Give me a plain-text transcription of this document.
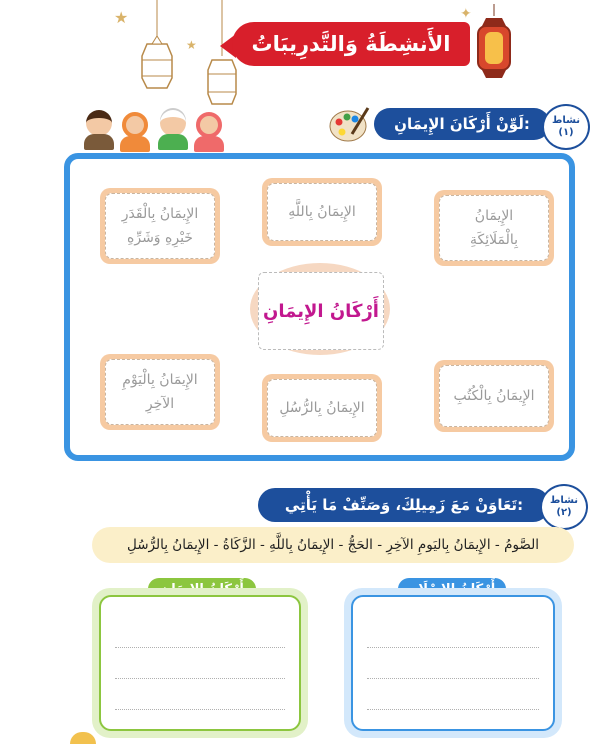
★
★
✦
الأَنشِطَةُ وَالتَّدرِيبَاتُ
لَوِّنْ أَرْكَانَ الإِيمَانِ:	نشاط
(١)
الإِيمَانُ بِالْقَدَرِ
خَيْرِهِ وَشَرِّهِ
الإِيمَانُ بِاللَّهِ	الإِيمَانُ
بِالْمَلَائِكَةِ
أَرْكَانُ الإِيمَانِ
الإِيمَانُ بِالْيَوْمِ
الآخِرِ	الإِيمَانُ بِالرُّسُلِ
الإِيمَانُ بِالْكُتُبِ
تَعَاوَنْ مَعَ زَمِيلِكَ، وَصَنِّفْ مَا يَأْتِي:	نشاط
(٢)
الصَّومُ - الإِيمَانُ بِاليَومِ الآخِرِ - الحَجُّ - الإِيمَانُ بِاللَّهِ - الزَّكَاةُ - الإِيمَانُ بِالرُّسُلِ
